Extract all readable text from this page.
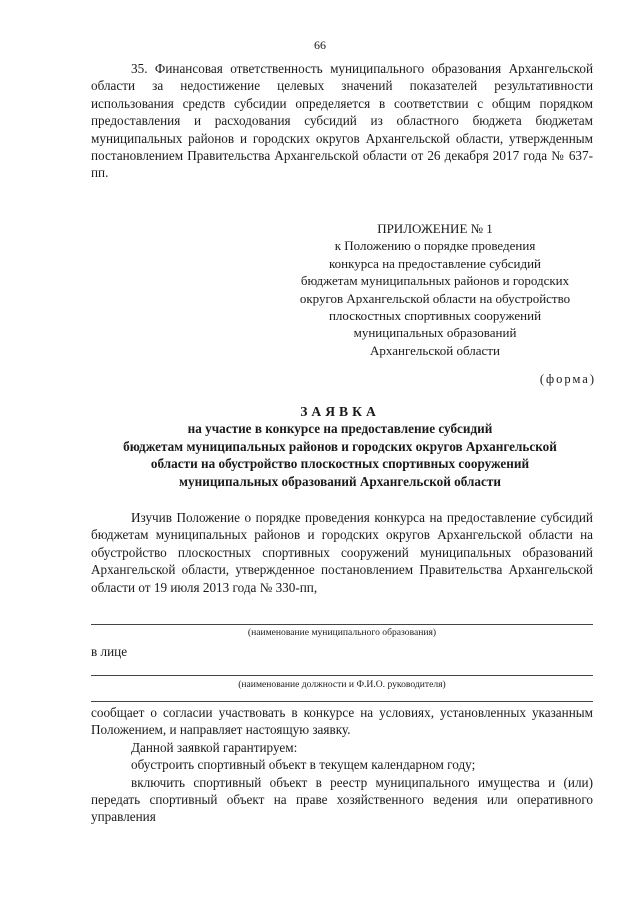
66

35. Финансовая ответственность муниципального образования Архангельской области за недостижение целевых значений показателей результативности использования средств субсидии определяется в соответствии с общим порядком предоставления и расходования субсидий из областного бюджета бюджетам муниципальных районов и городских округов Архангельской области, утвержденным постановлением Правительства Архангельской области от 26 декабря 2017 года № 637-пп.

ПРИЛОЖЕНИЕ № 1
к Положению о порядке проведения
конкурса на предоставление субсидий
бюджетам муниципальных районов и городских
округов Архангельской области на обустройство
плоскостных спортивных сооружений
муниципальных образований
Архангельской области
(форма)
ЗАЯВКА
на участие в конкурсе на предоставление субсидий
бюджетам муниципальных районов и городских округов Архангельской
области на обустройство плоскостных спортивных сооружений
муниципальных образований Архангельской области

Изучив Положение о порядке проведения конкурса на предоставление субсидий бюджетам муниципальных районов и городских округов Архангельской области на обустройство плоскостных спортивных сооружений муниципальных образований Архангельской области, утвержденное постановлением Правительства Архангельской области от 19 июля 2013 года № 330-пп,

(наименование муниципального образования)
в лице
(наименование должности и Ф.И.О. руководителя)
сообщает о согласии участвовать в конкурсе на условиях, установленных указанным Положением, и направляет настоящую заявку.
Данной заявкой гарантируем:
обустроить спортивный объект в текущем календарном году;
включить спортивный объект в реестр муниципального имущества и (или) передать спортивный объект на праве хозяйственного ведения или оперативного управления
